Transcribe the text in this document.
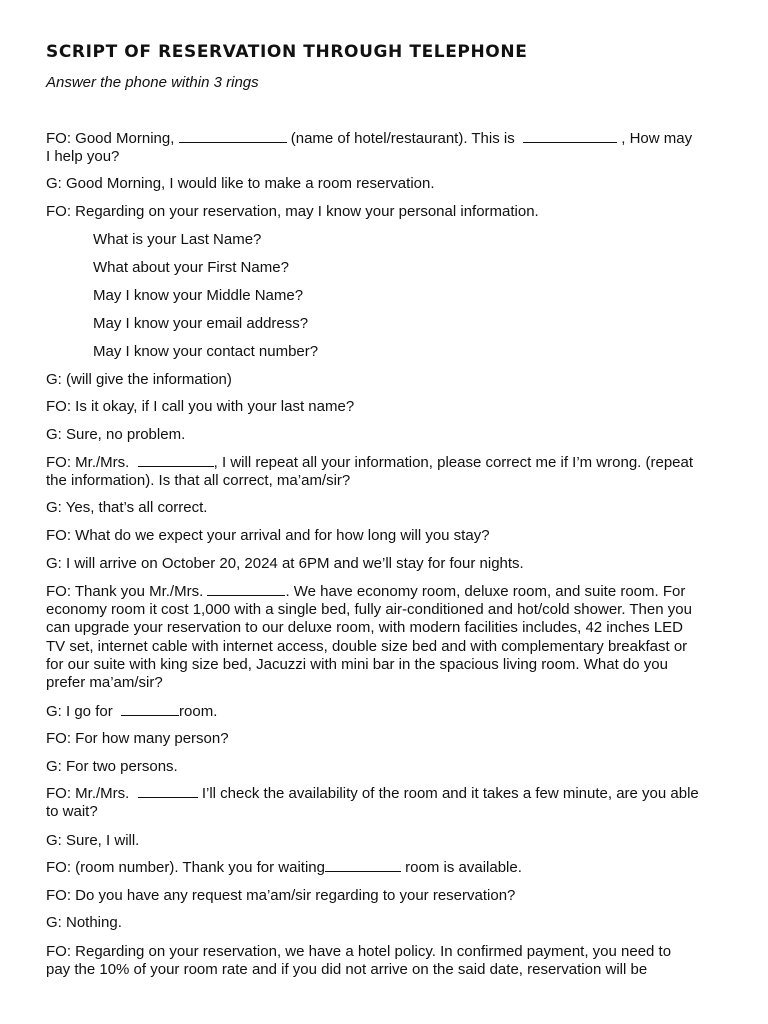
SCRIPT OF RESERVATION THROUGH TELEPHONE
Answer the phone within 3 rings
FO: Good Morning,	(name of hotel/restaurant). This is	, How may
I help you?
G: Good Morning, I would like to make a room reservation.
FO: Regarding on your reservation, may I know your personal information.
What is your Last Name?
What about your First Name?
May I know your Middle Name?
May I know your email address?
May I know your contact number?
G: (will give the information)
FO: Is it okay, if I call you with your last name?
G: Sure, no problem.
FO: Mr./Mrs.	, I will repeat all your information, please correct me if I’m wrong. (repeat
the information). Is that all correct, ma’am/sir?
G: Yes, that’s all correct.
FO: What do we expect your arrival and for how long will you stay?
G: I will arrive on October 20, 2024 at 6PM and we’ll stay for four nights.
FO: Thank you Mr./Mrs.	. We have economy room, deluxe room, and suite room. For
economy room it cost 1,000 with a single bed, fully air-conditioned and hot/cold shower. Then you
can upgrade your reservation to our deluxe room, with modern facilities includes, 42 inches LED
TV set, internet cable with internet access, double size bed and with complementary breakfast or
for our suite with king size bed, Jacuzzi with mini bar in the spacious living room. What do you
prefer ma’am/sir?
G: I go for	room.
FO: For how many person?
G: For two persons.
FO: Mr./Mrs.	I’ll check the availability of the room and it takes a few minute, are you able
to wait?
G: Sure, I will.
FO: (room number). Thank you for waiting	room is available.
FO: Do you have any request ma’am/sir regarding to your reservation?
G: Nothing.
FO: Regarding on your reservation, we have a hotel policy. In confirmed payment, you need to
pay the 10% of your room rate and if you did not arrive on the said date, reservation will be
